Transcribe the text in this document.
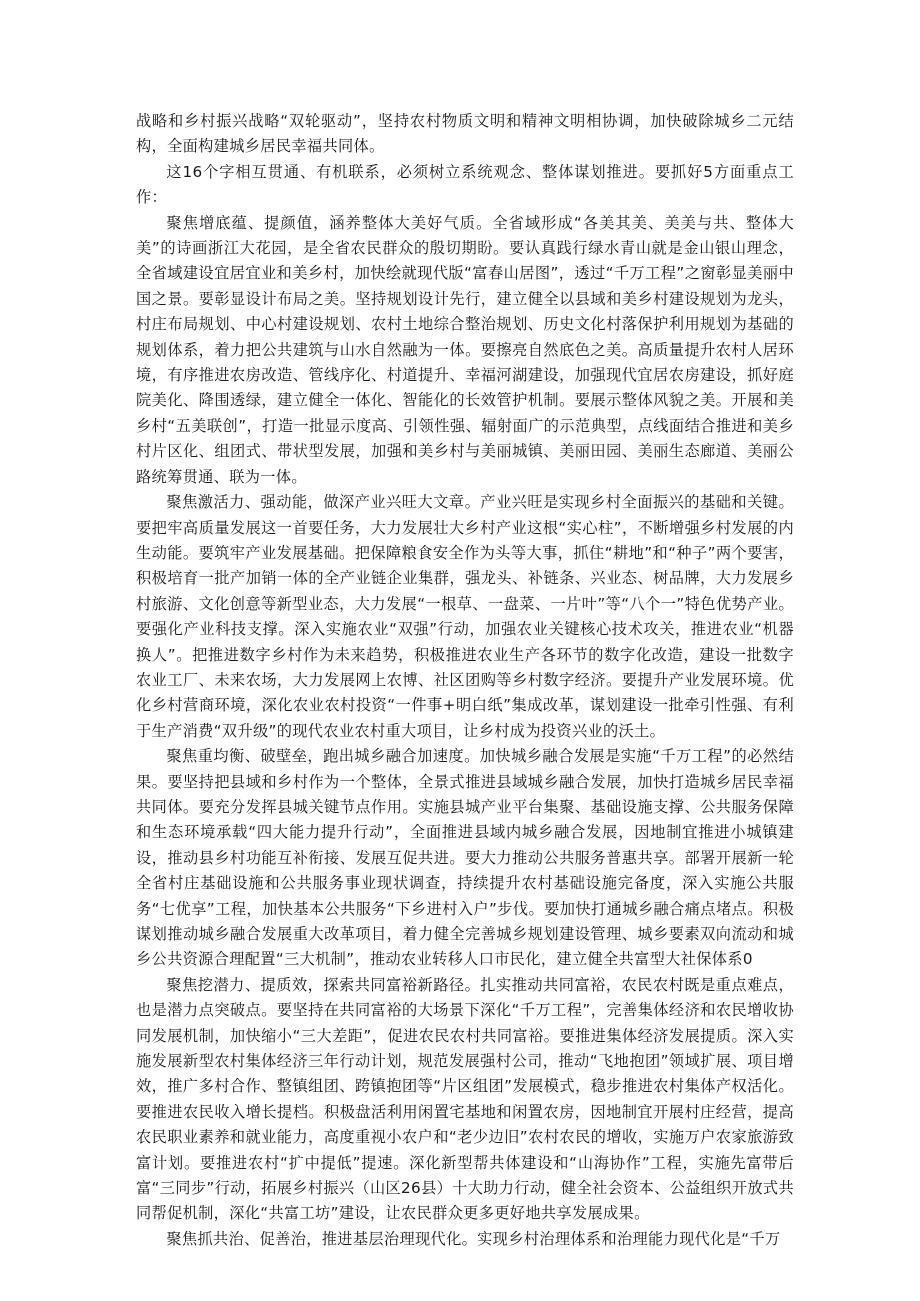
战略和乡村振兴战略“双轮驱动”，坚持农村物质文明和精神文明相协调，加快破除城乡二元结构，全面构建城乡居民幸福共同体。

这16个字相互贯通、有机联系，必须树立系统观念、整体谋划推进。要抓好5方面重点工作：

聚焦增底蕴、提颜值，涵养整体大美好气质。全省域形成“各美其美、美美与共、整体大美”的诗画浙江大花园，是全省农民群众的殷切期盼。要认真践行绿水青山就是金山银山理念，全省域建设宜居宜业和美乡村，加快绘就现代版“富春山居图”，透过“千万工程”之窗彰显美丽中国之景。要彰显设计布局之美。坚持规划设计先行，建立健全以县域和美乡村建设规划为龙头，村庄布局规划、中心村建设规划、农村土地综合整治规划、历史文化村落保护利用规划为基础的规划体系，着力把公共建筑与山水自然融为一体。要擦亮自然底色之美。高质量提升农村人居环境，有序推进农房改造、管线序化、村道提升、幸福河湖建设，加强现代宜居农房建设，抓好庭院美化、降围透绿，建立健全一体化、智能化的长效管护机制。要展示整体风貌之美。开展和美乡村“五美联创”，打造一批显示度高、引领性强、辐射面广的示范典型，点线面结合推进和美乡村片区化、组团式、带状型发展，加强和美乡村与美丽城镇、美丽田园、美丽生态廊道、美丽公路统筹贯通、联为一体。

聚焦激活力、强动能，做深产业兴旺大文章。产业兴旺是实现乡村全面振兴的基础和关键。要把牢高质量发展这一首要任务，大力发展壮大乡村产业这根“实心柱”，不断增强乡村发展的内生动能。要筑牢产业发展基础。把保障粮食安全作为头等大事，抓住“耕地”和“种子”两个要害，积极培育一批产加销一体的全产业链企业集群，强龙头、补链条、兴业态、树品牌，大力发展乡村旅游、文化创意等新型业态，大力发展“一根草、一盘菜、一片叶”等“八个一”特色优势产业。要强化产业科技支撑。深入实施农业“双强”行动，加强农业关键核心技术攻关，推进农业“机器换人”。把推进数字乡村作为未来趋势，积极推进农业生产各环节的数字化改造，建设一批数字农业工厂、未来农场，大力发展网上农博、社区团购等乡村数字经济。要提升产业发展环境。优化乡村营商环境，深化农业农村投资“一件事+明白纸”集成改革，谋划建设一批牵引性强、有利于生产消费“双升级”的现代农业农村重大项目，让乡村成为投资兴业的沃土。

聚焦重均衡、破壁垒，跑出城乡融合加速度。加快城乡融合发展是实施“千万工程”的必然结果。要坚持把县域和乡村作为一个整体，全景式推进县域城乡融合发展，加快打造城乡居民幸福共同体。要充分发挥县城关键节点作用。实施县城产业平台集聚、基础设施支撑、公共服务保障和生态环境承载“四大能力提升行动”，全面推进县域内城乡融合发展，因地制宜推进小城镇建设，推动县乡村功能互补衔接、发展互促共进。要大力推动公共服务普惠共享。部署开展新一轮全省村庄基础设施和公共服务事业现状调查，持续提升农村基础设施完备度，深入实施公共服务“七优享”工程，加快基本公共服务“下乡进村入户”步伐。要加快打通城乡融合痛点堵点。积极谋划推动城乡融合发展重大改革项目，着力健全完善城乡规划建设管理、城乡要素双向流动和城乡公共资源合理配置“三大机制”，推动农业转移人口市民化，建立健全共富型大社保体系0

聚焦挖潜力、提质效，探索共同富裕新路径。扎实推动共同富裕，农民农村既是重点难点，也是潜力点突破点。要坚持在共同富裕的大场景下深化“千万工程”，完善集体经济和农民增收协同发展机制，加快缩小“三大差距”，促进农民农村共同富裕。要推进集体经济发展提质。深入实施发展新型农村集体经济三年行动计划，规范发展强村公司，推动“飞地抱团”领域扩展、项目增效，推广多村合作、整镇组团、跨镇抱团等“片区组团”发展模式，稳步推进农村集体产权活化。要推进农民收入增长提档。积极盘活利用闲置宅基地和闲置农房，因地制宜开展村庄经营，提高农民职业素养和就业能力，高度重视小农户和“老少边旧”农村农民的增收，实施万户农家旅游致富计划。要推进农村“扩中提低”提速。深化新型帮共体建设和“山海协作”工程，实施先富带后富“三同步”行动，拓展乡村振兴（山区26县）十大助力行动，健全社会资本、公益组织开放式共同帮促机制，深化“共富工坊”建设，让农民群众更多更好地共享发展成果。

聚焦抓共治、促善治，推进基层治理现代化。实现乡村治理体系和治理能力现代化是“千万
